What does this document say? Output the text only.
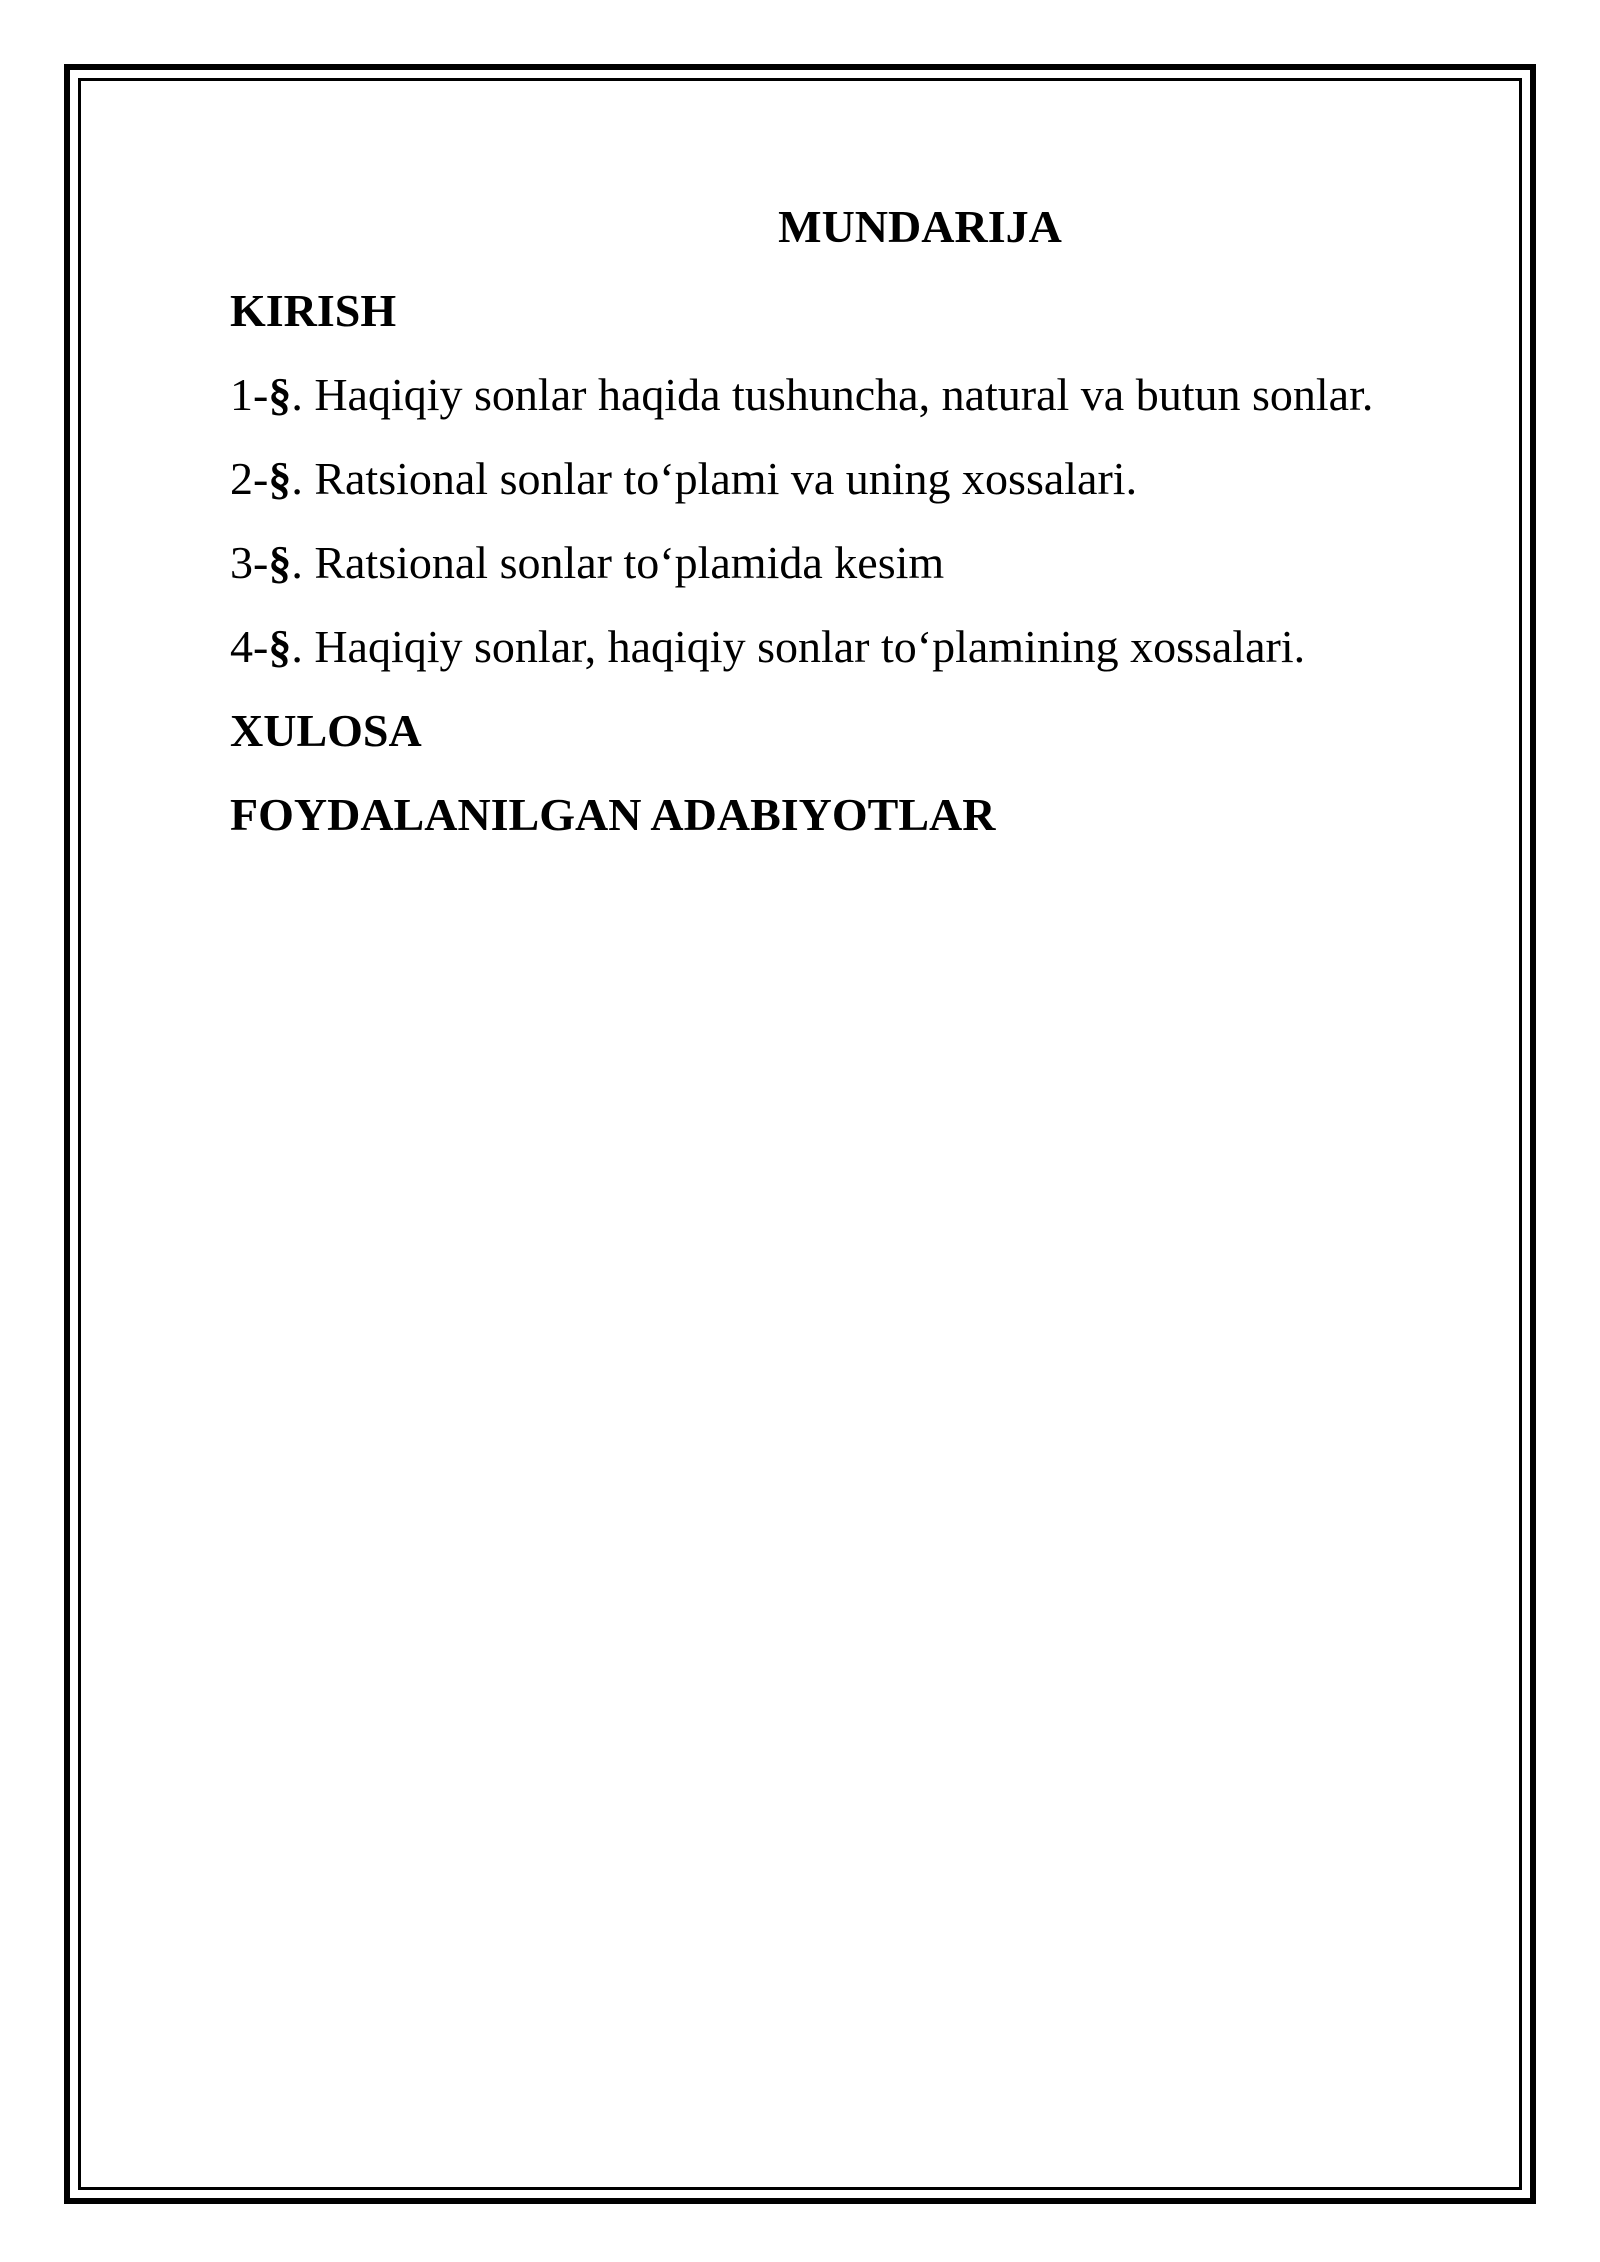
MUNDARIJA
KIRISH
1-§. Haqiqiy sonlar haqida tushuncha, natural va butun sonlar.
2-§. Ratsional sonlar to‘plami va uning xossalari.
3-§. Ratsional sonlar to‘plamida kesim
4-§. Haqiqiy sonlar, haqiqiy sonlar to‘plamining xossalari.
XULOSA
FOYDALANILGAN ADABIYOTLAR
